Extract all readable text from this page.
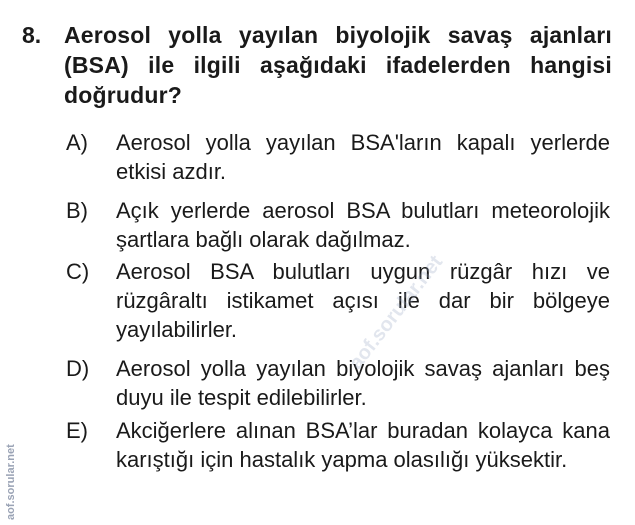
8. Aerosol yolla yayılan biyolojik savaş ajanları (BSA) ile ilgili aşağıdaki ifadelerden hangisi doğrudur?
A) Aerosol yolla yayılan BSA'ların kapalı yerlerde etkisi azdır.
B) Açık yerlerde aerosol BSA bulutları meteorolojik şartlara bağlı olarak dağılmaz.
C) Aerosol BSA bulutları uygun rüzgâr hızı ve rüzgâraltı istikamet açısı ile dar bir bölgeye yayılabilirler.
D) Aerosol yolla yayılan biyolojik savaş ajanları beş duyu ile tespit edilebilirler.
E) Akciğerlere alınan BSA’lar buradan kolayca kana karıştığı için hastalık yapma olasılığı yüksektir.
aof.sorular.net
aof.sorular.net
